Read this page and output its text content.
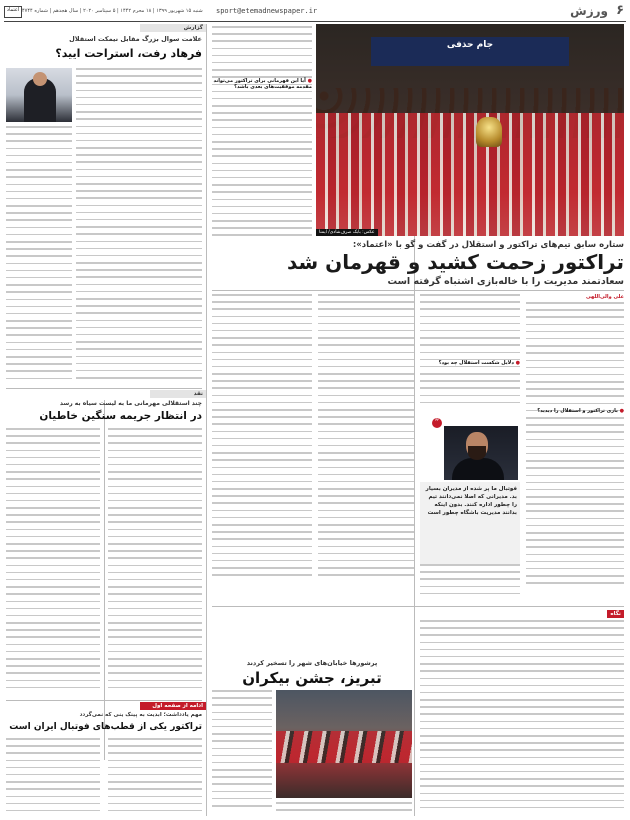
۶
ورزش
sport@etemadnewspaper.ir
شنبه ۱۵ شهریور ۱۳۹۹ | ۱۸ محرم ۱۴۴۲ | ۵ سپتامبر ۲۰۲۰ | سال هجدهم | شماره ۴۷۴۴
اعتماد
جام حذفی
عکس: بابک صرف‌شادی/ ایمنا
● آیا این قهرمانی برای تراکتور می‌تواند مقدمه موفقیت‌های بعدی باشد؟
ستاره سابق تیم‌های تراکتور و استقلال در گفت و گو با «اعتماد»:
تراکتور زحمت کشید و قهرمان شد
سعادتمند مدیریت را با خاله‌بازی اشتباه گرفته است
علی والی‌اللهی
● بازی تراکتور و استقلال را دیدید؟
● دلایل شکست استقلال چه بود؟
”
فوتبال ما پر شده از مدیران بسیار بد. مدیرانی که اصلا نمی‌دانند تیم را چطور اداره کنند. بدون اینکه بدانند مدیریت باشگاه چطور است
نگاه
پرشورها خیابان‌های شهر را تسخیر کردند
تبریز، جشن بیکران
گزارش
علامت سوال بزرگ مقابل نیمکت استقلال
فرهاد رفت، استراحت ایید؟
نقد
چند استقلالی مهرمانی ما به لیست سیاه به رسد
در انتظار جریمه سنگین خاطیان
ادامه از صفحه اول
مهم یادداشت؛ ابدیت به پینک ینی که نمی‌گردد
تراکتور یکی از قطب‌های فوتبال ایران است
